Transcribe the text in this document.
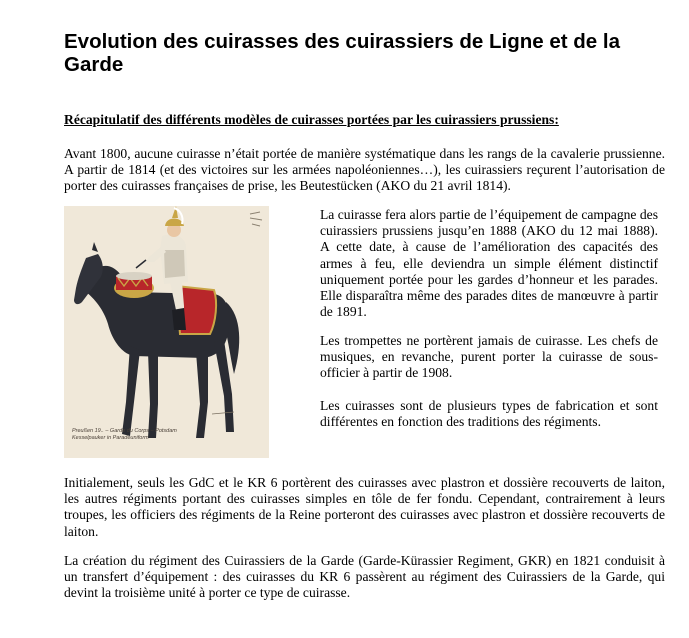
Evolution des cuirasses des cuirassiers de Ligne et de la Garde
Récapitulatif des différents modèles de cuirasses portées par les cuirassiers prussiens:

Avant 1800, aucune cuirasse n’était portée de manière systématique dans les rangs de la cavalerie prussienne. A partir de 1814 (et des victoires sur les armées napoléoniennes…), les cuirassiers reçurent l’autorisation de porter des cuirasses françaises de prise, les Beutestücken (AKO du 21 avril 1814).

Preußen 19.. – Garde du Corps – Potsdam
Kesselpauker in Paradeuniform

La cuirasse fera alors partie de l’équipement de campagne des cuirassiers prussiens jusqu’en 1888 (AKO du 12 mai 1888). A cette date, à cause de l’amélioration des capacités des armes à feu, elle deviendra un simple élément distinctif uniquement portée pour les gardes d’honneur et les parades. Elle disparaîtra même des parades dites de manœuvre à partir de 1891.

Les trompettes ne portèrent jamais de cuirasse. Les chefs de musiques, en revanche, purent porter la cuirasse de sous-officier à partir de 1908.

Les cuirasses sont de plusieurs types de fabrication et sont différentes en fonction des traditions des régiments.

Initialement, seuls les GdC et le KR 6 portèrent des cuirasses avec plastron et dossière recouverts de laiton, les autres régiments portant des cuirasses simples en tôle de fer fondu. Cependant, contrairement à leurs troupes, les officiers des régiments de la Reine porteront des cuirasses avec plastron et dossière recouverts de laiton.

La création du régiment des Cuirassiers de la Garde (Garde-Kürassier Regiment, GKR) en 1821 conduisit à un transfert d’équipement : des cuirasses du KR 6 passèrent au régiment des Cuirassiers de la Garde, qui devint la troisième unité à porter ce type de cuirasse.
